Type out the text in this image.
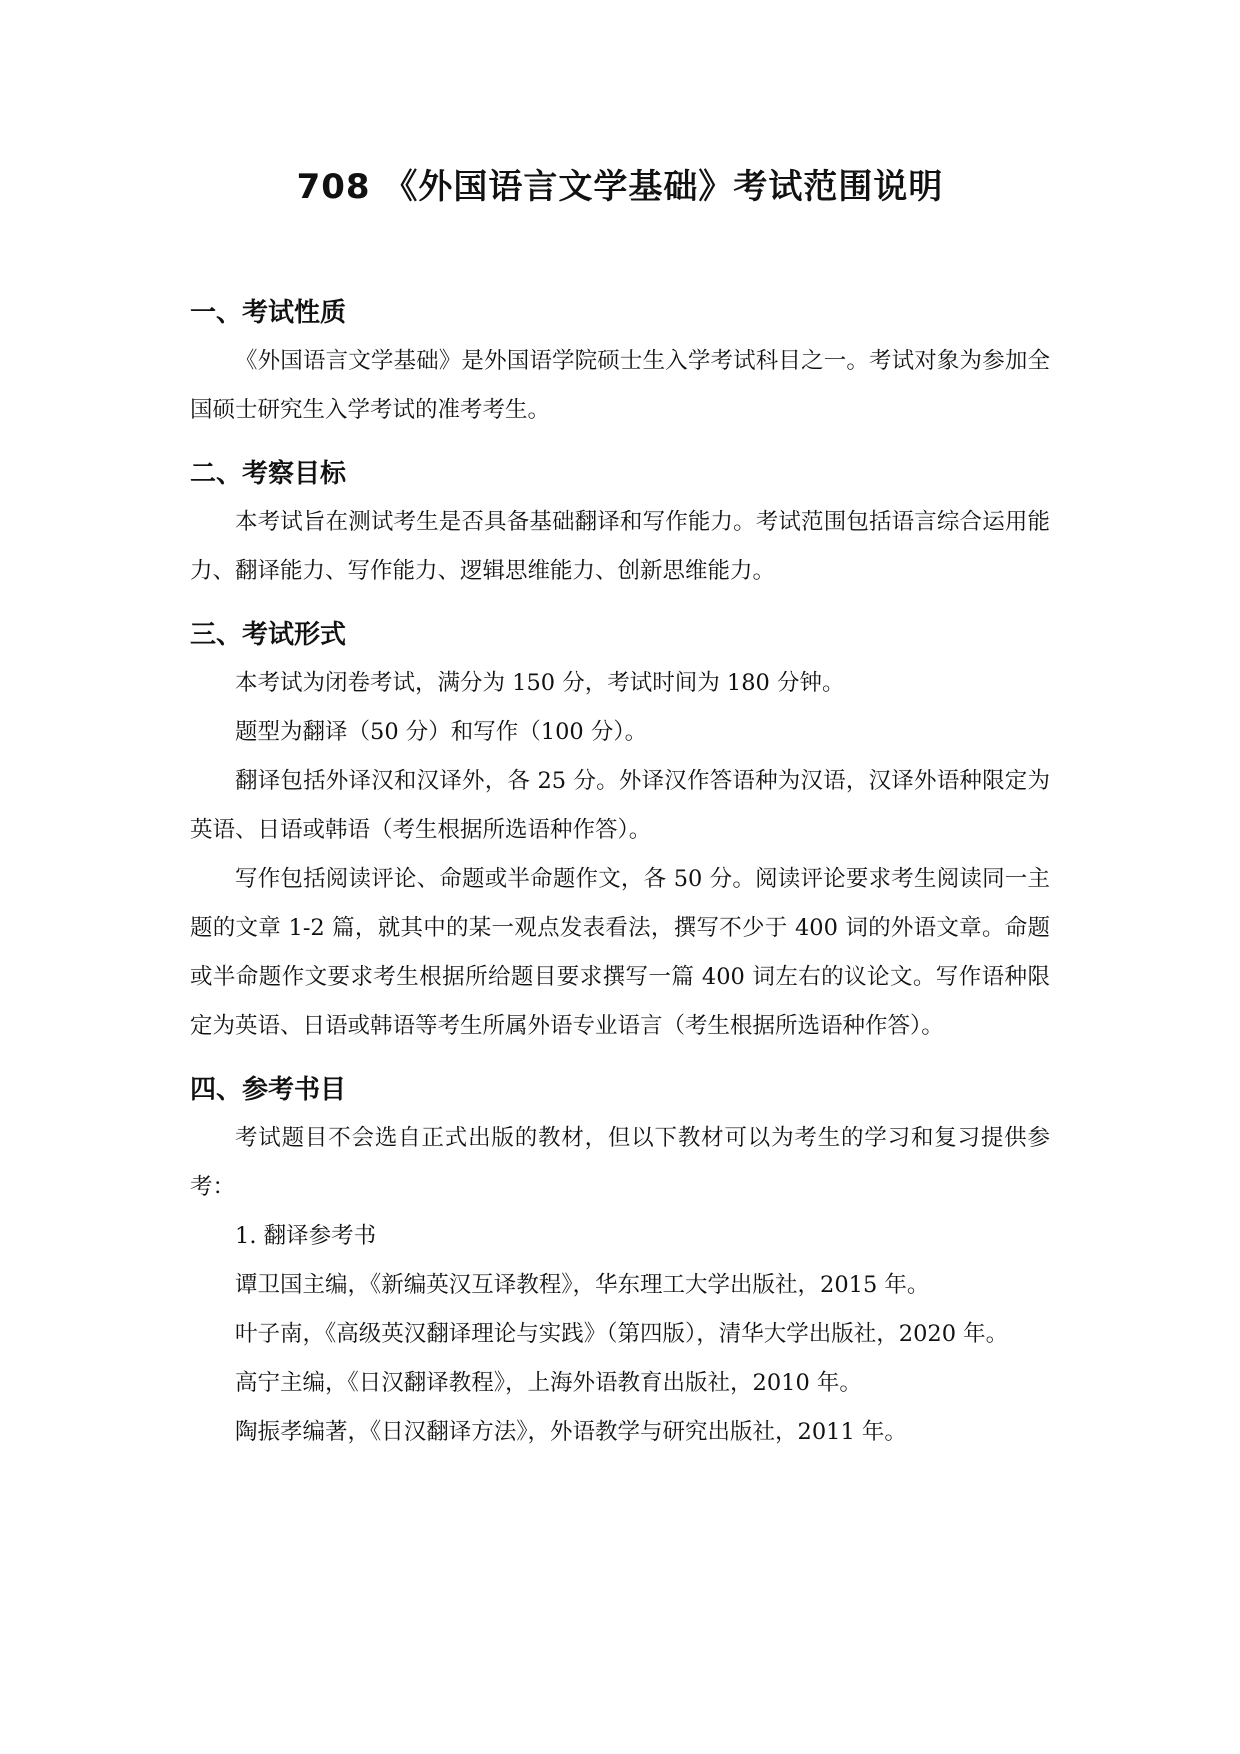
708 《外国语言文学基础》考试范围说明
一、考试性质

《外国语言文学基础》是外国语学院硕士生入学考试科目之一。考试对象为参加全国硕士研究生入学考试的准考考生。

二、考察目标

本考试旨在测试考生是否具备基础翻译和写作能力。考试范围包括语言综合运用能力、翻译能力、写作能力、逻辑思维能力、创新思维能力。

三、考试形式

本考试为闭卷考试，满分为 150 分，考试时间为 180 分钟。

题型为翻译（50 分）和写作（100 分）。

翻译包括外译汉和汉译外，各 25 分。外译汉作答语种为汉语，汉译外语种限定为英语、日语或韩语（考生根据所选语种作答）。

写作包括阅读评论、命题或半命题作文，各 50 分。阅读评论要求考生阅读同一主题的文章 1-2 篇，就其中的某一观点发表看法，撰写不少于 400 词的外语文章。命题或半命题作文要求考生根据所给题目要求撰写一篇 400 词左右的议论文。写作语种限定为英语、日语或韩语等考生所属外语专业语言（考生根据所选语种作答）。

四、参考书目

考试题目不会选自正式出版的教材，但以下教材可以为考生的学习和复习提供参考：

1. 翻译参考书

谭卫国主编，《新编英汉互译教程》，华东理工大学出版社，2015 年。

叶子南，《高级英汉翻译理论与实践》（第四版），清华大学出版社，2020 年。

高宁主编，《日汉翻译教程》，上海外语教育出版社，2010 年。

陶振孝编著，《日汉翻译方法》，外语教学与研究出版社，2011 年。
